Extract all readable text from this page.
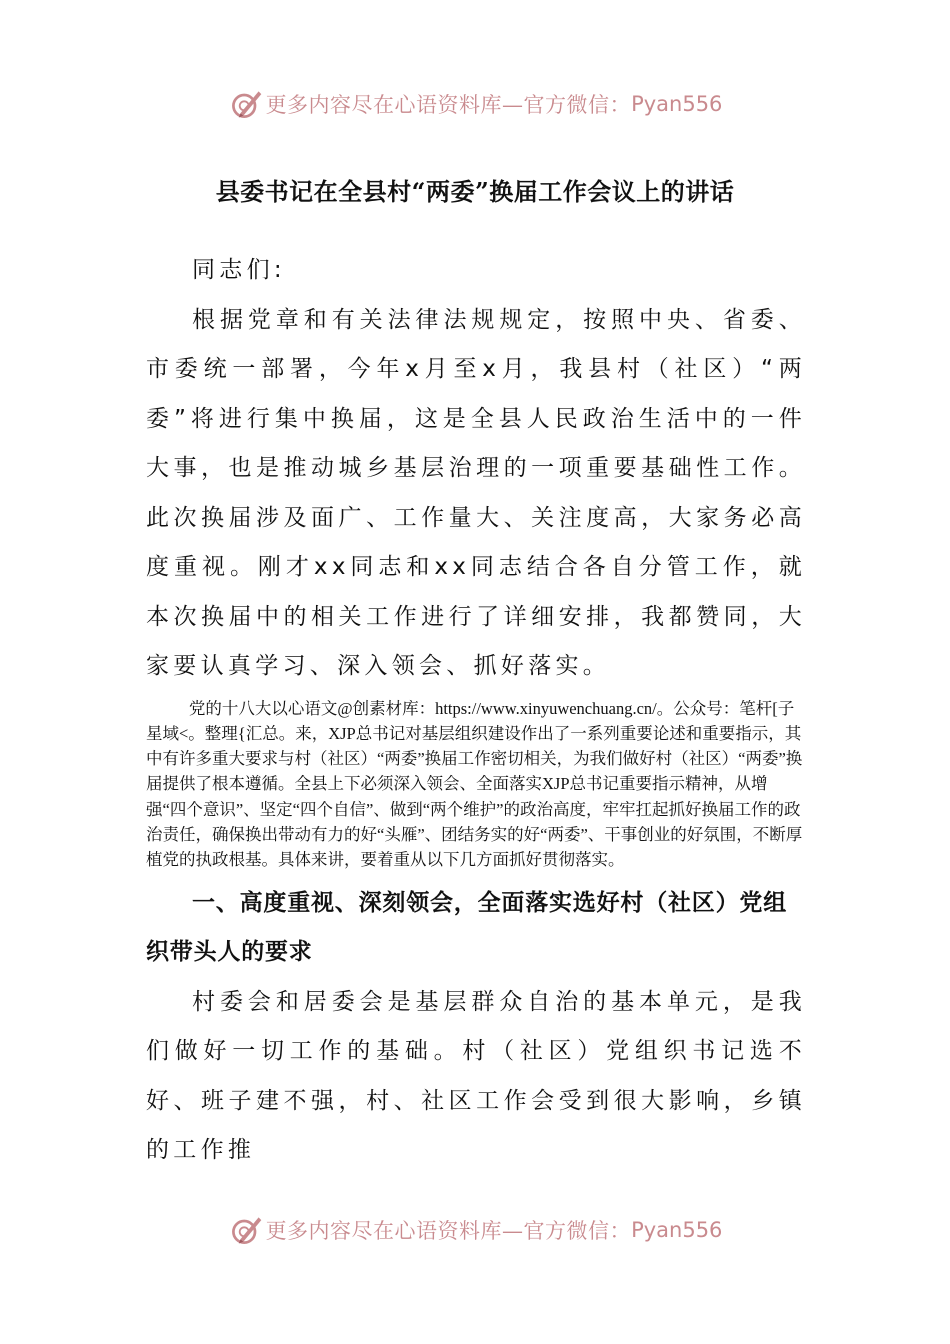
更多内容尽在心语资料库—官方微信： Pyan556
县委书记在全县村“两委”换届工作会议上的讲话

同志们:

根据党章和有关法律法规规定，按照中央、省委、市委统一部署，今年x月至x月，我县村（社区）“两委”将进行集中换届，这是全县人民政治生活中的一件大事，也是推动城乡基层治理的一项重要基础性工作。此次换届涉及面广、工作量大、关注度高，大家务必高度重视。刚才xx同志和xx同志结合各自分管工作，就本次换届中的相关工作进行了详细安排，我都赞同，大家要认真学习、深入领会、抓好落实。

党的十八大以心语文@创素材库：https://www.xinyuwenchuang.cn/。公众号：笔杆[子星域<。整理{汇总。来，XJP总书记对基层组织建设作出了一系列重要论述和重要指示，其中有许多重大要求与村（社区）“两委”换届工作密切相关，为我们做好村（社区）“两委”换届提供了根本遵循。全县上下必须深入领会、全面落实XJP总书记重要指示精神，从增强“四个意识”、坚定“四个自信”、做到“两个维护”的政治高度，牢牢扛起抓好换届工作的政治责任，确保换出带动有力的好“头雁”、团结务实的好“两委”、干事创业的好氛围，不断厚植党的执政根基。具体来讲，要着重从以下几方面抓好贯彻落实。

一、高度重视、深刻领会，全面落实选好村（社区）党组织带头人的要求

村委会和居委会是基层群众自治的基本单元，是我们做好一切工作的基础。村（社区）党组织书记选不好、班子建不强，村、社区工作会受到很大影响，乡镇的工作推

更多内容尽在心语资料库—官方微信： Pyan556
